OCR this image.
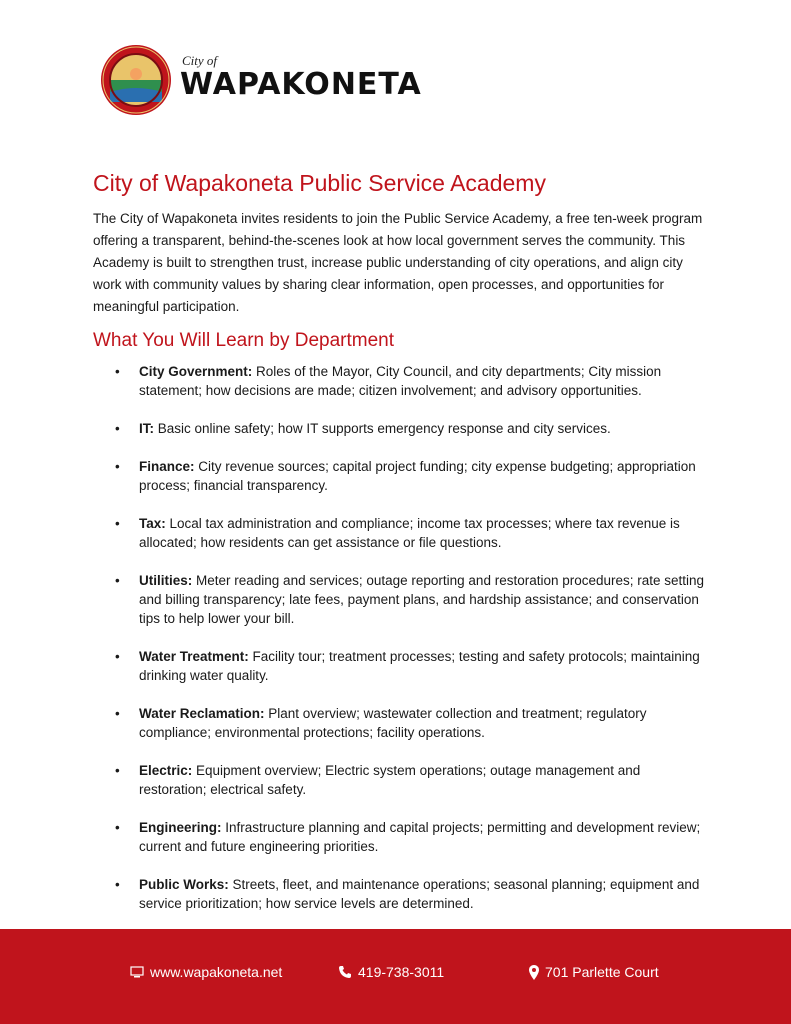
City of
WAPAKONETA
City of Wapakoneta Public Service Academy

The City of Wapakoneta invites residents to join the Public Service Academy, a free ten-week program offering a transparent, behind-the-scenes look at how local government serves the community. This Academy is built to strengthen trust, increase public understanding of city operations, and align city work with community values by sharing clear information, open processes, and opportunities for meaningful participation.

What You Will Learn by Department
• City Government: Roles of the Mayor, City Council, and city departments; City mission statement; how decisions are made; citizen involvement; and advisory opportunities.
• IT: Basic online safety; how IT supports emergency response and city services.
• Finance: City revenue sources; capital project funding; city expense budgeting; appropriation process; financial transparency.
• Tax: Local tax administration and compliance; income tax processes; where tax revenue is allocated; how residents can get assistance or file questions.
• Utilities: Meter reading and services; outage reporting and restoration procedures; rate setting and billing transparency; late fees, payment plans, and hardship assistance; and conservation tips to help lower your bill.
• Water Treatment: Facility tour; treatment processes; testing and safety protocols; maintaining drinking water quality.
• Water Reclamation: Plant overview; wastewater collection and treatment; regulatory compliance; environmental protections; facility operations.
• Electric: Equipment overview; Electric system operations; outage management and restoration; electrical safety.
• Engineering: Infrastructure planning and capital projects; permitting and development review; current and future engineering priorities.
• Public Works: Streets, fleet, and maintenance operations; seasonal planning; equipment and service prioritization; how service levels are determined.
www.wapakoneta.net	419-738-3011	701 Parlette Court
